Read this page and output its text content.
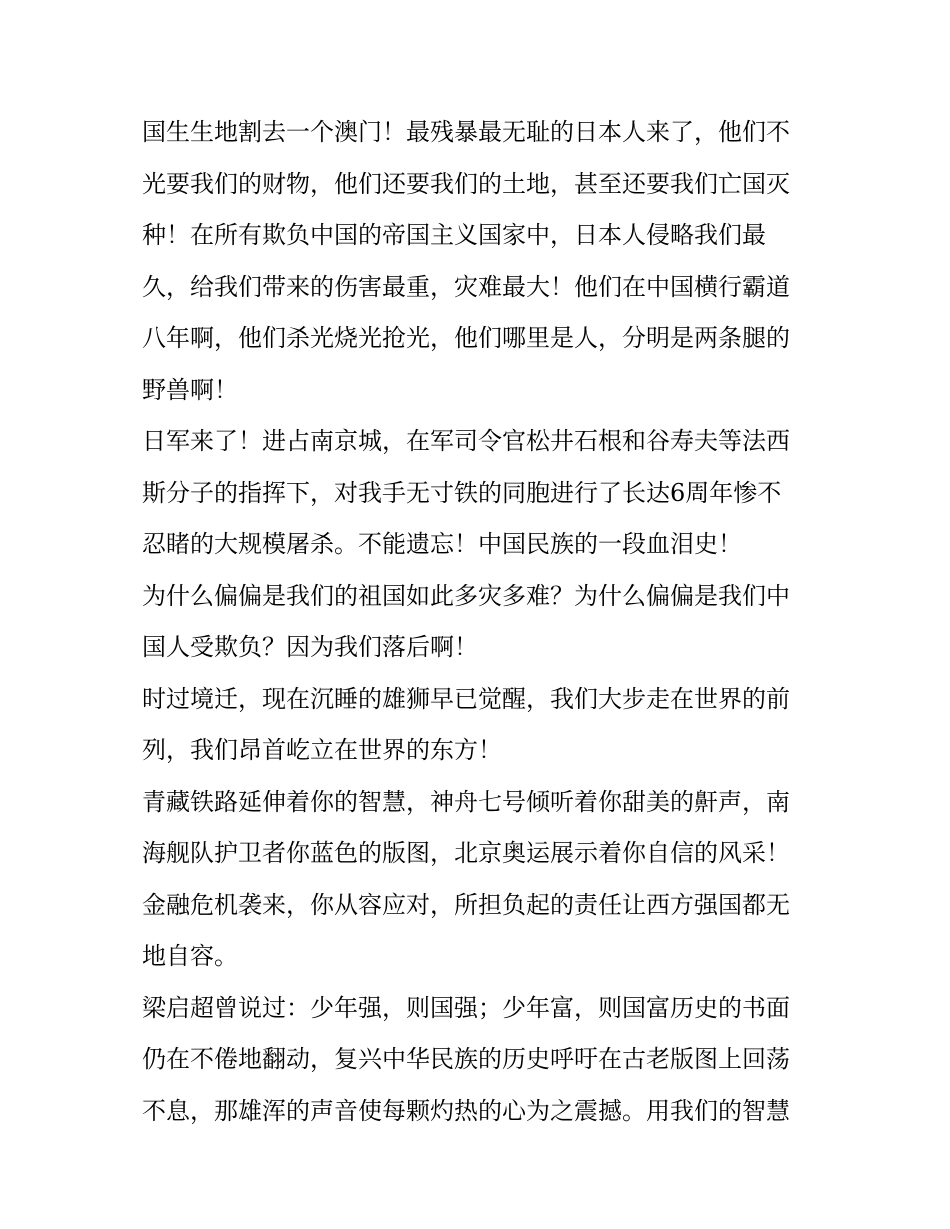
国生生地割去一个澳门！最残暴最无耻的日本人来了，他们不
光要我们的财物，他们还要我们的土地，甚至还要我们亡国灭
种！在所有欺负中国的帝国主义国家中，日本人侵略我们最
久，给我们带来的伤害最重，灾难最大！他们在中国横行霸道
八年啊，他们杀光烧光抢光，他们哪里是人，分明是两条腿的
野兽啊！
日军来了！进占南京城，在军司令官松井石根和谷寿夫等法西
斯分子的指挥下，对我手无寸铁的同胞进行了长达6周年惨不
忍睹的大规模屠杀。不能遗忘！中国民族的一段血泪史！
为什么偏偏是我们的祖国如此多灾多难？为什么偏偏是我们中
国人受欺负？因为我们落后啊！
时过境迁，现在沉睡的雄狮早已觉醒，我们大步走在世界的前
列，我们昂首屹立在世界的东方！
青藏铁路延伸着你的智慧，神舟七号倾听着你甜美的鼾声，南
海舰队护卫者你蓝色的版图，北京奥运展示着你自信的风采！
金融危机袭来，你从容应对，所担负起的责任让西方强国都无
地自容。
梁启超曾说过：少年强，则国强；少年富，则国富历史的书面
仍在不倦地翻动，复兴中华民族的历史呼吁在古老版图上回荡
不息，那雄浑的声音使每颗灼热的心为之震撼。用我们的智慧
